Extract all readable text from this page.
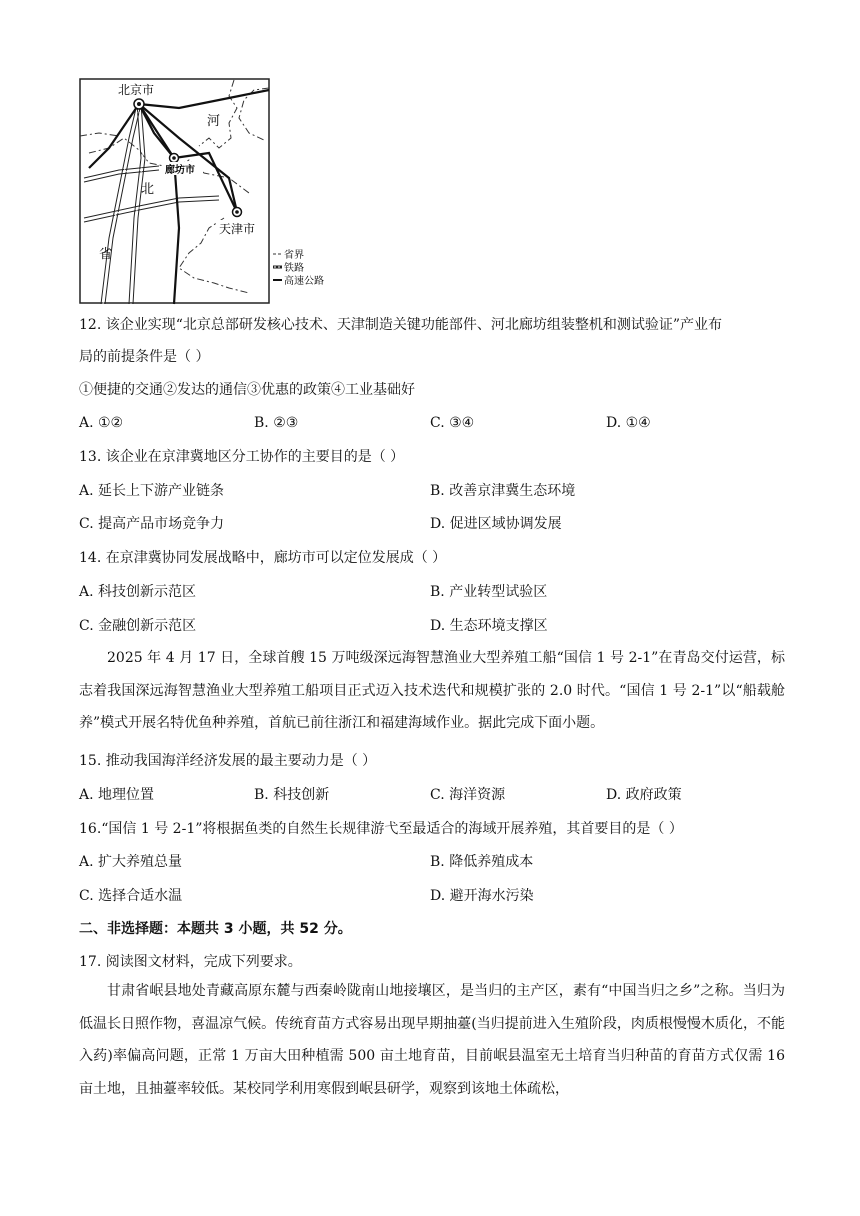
北京市
廊坊市
天津市
河
北
省	省界
铁路
高速公路
12. 该企业实现“北京总部研发核心技术、天津制造关键功能部件、河北廊坊组装整机和测试验证”产业布
局的前提条件是（ ）
①便捷的交通②发达的通信③优惠的政策④工业基础好
A. ①②	B. ②③	C. ③④	D. ①④
13. 该企业在京津冀地区分工协作的主要目的是（ ）
A. 延长上下游产业链条	B. 改善京津冀生态环境
C. 提高产品市场竞争力	D. 促进区域协调发展
14. 在京津冀协同发展战略中，廊坊市可以定位发展成（ ）
A. 科技创新示范区	B. 产业转型试验区
C. 金融创新示范区	D. 生态环境支撑区
2025 年 4 月 17 日，全球首艘 15 万吨级深远海智慧渔业大型养殖工船“国信 1 号 2-1”在青岛交付运营，标志着我国深远海智慧渔业大型养殖工船项目正式迈入技术迭代和规模扩张的 2.0 时代。“国信 1 号 2-1”以“船载舱养”模式开展名特优鱼种养殖，首航已前往浙江和福建海域作业。据此完成下面小题。
15. 推动我国海洋经济发展的最主要动力是（ ）
A. 地理位置	B. 科技创新	C. 海洋资源	D. 政府政策
16.“国信 1 号 2-1”将根据鱼类的自然生长规律游弋至最适合的海域开展养殖，其首要目的是（ ）
A. 扩大养殖总量	B. 降低养殖成本
C. 选择合适水温	D. 避开海水污染
二、非选择题：本题共 3 小题，共 52 分。
17. 阅读图文材料，完成下列要求。
甘肃省岷县地处青藏高原东麓与西秦岭陇南山地接壤区，是当归的主产区，素有“中国当归之乡”之称。当归为低温长日照作物，喜温凉气候。传统育苗方式容易出现早期抽薹(当归提前进入生殖阶段，肉质根慢慢木质化，不能入药)率偏高问题，正常 1 万亩大田种植需 500 亩土地育苗，目前岷县温室无土培育当归种苗的育苗方式仅需 16 亩土地，且抽薹率较低。某校同学利用寒假到岷县研学，观察到该地土体疏松，
